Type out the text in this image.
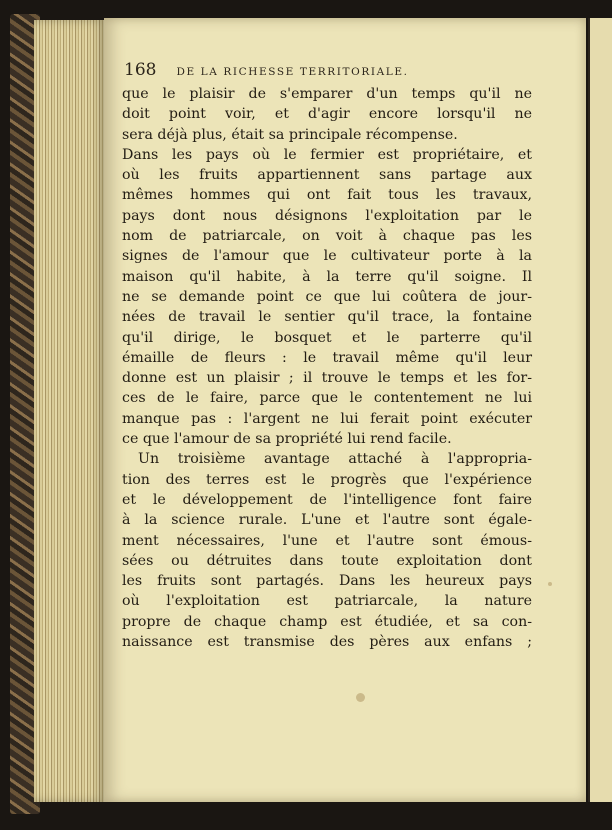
168 DE LA RICHESSE TERRITORIALE.
que le plaisir de s'emparer d'un temps qu'il ne
doit point voir, et d'agir encore lorsqu'il ne
sera déjà plus, était sa principale récompense.
Dans les pays où le fermier est propriétaire, et
où les fruits appartiennent sans partage aux
mêmes hommes qui ont fait tous les travaux,
pays dont nous désignons l'exploitation par le
nom de patriarcale, on voit à chaque pas les
signes de l'amour que le cultivateur porte à la
maison qu'il habite, à la terre qu'il soigne. Il
ne se demande point ce que lui coûtera de jour-
nées de travail le sentier qu'il trace, la fontaine
qu'il dirige, le bosquet et le parterre qu'il
émaille de fleurs : le travail même qu'il leur
donne est un plaisir ; il trouve le temps et les for-
ces de le faire, parce que le contentement ne lui
manque pas : l'argent ne lui ferait point exécuter
ce que l'amour de sa propriété lui rend facile.
Un troisième avantage attaché à l'appropria-
tion des terres est le progrès que l'expérience
et le développement de l'intelligence font faire
à la science rurale. L'une et l'autre sont égale-
ment nécessaires, l'une et l'autre sont émous-
sées ou détruites dans toute exploitation dont
les fruits sont partagés. Dans les heureux pays
où l'exploitation est patriarcale, la nature
propre de chaque champ est étudiée, et sa con-
naissance est transmise des pères aux enfans ;
